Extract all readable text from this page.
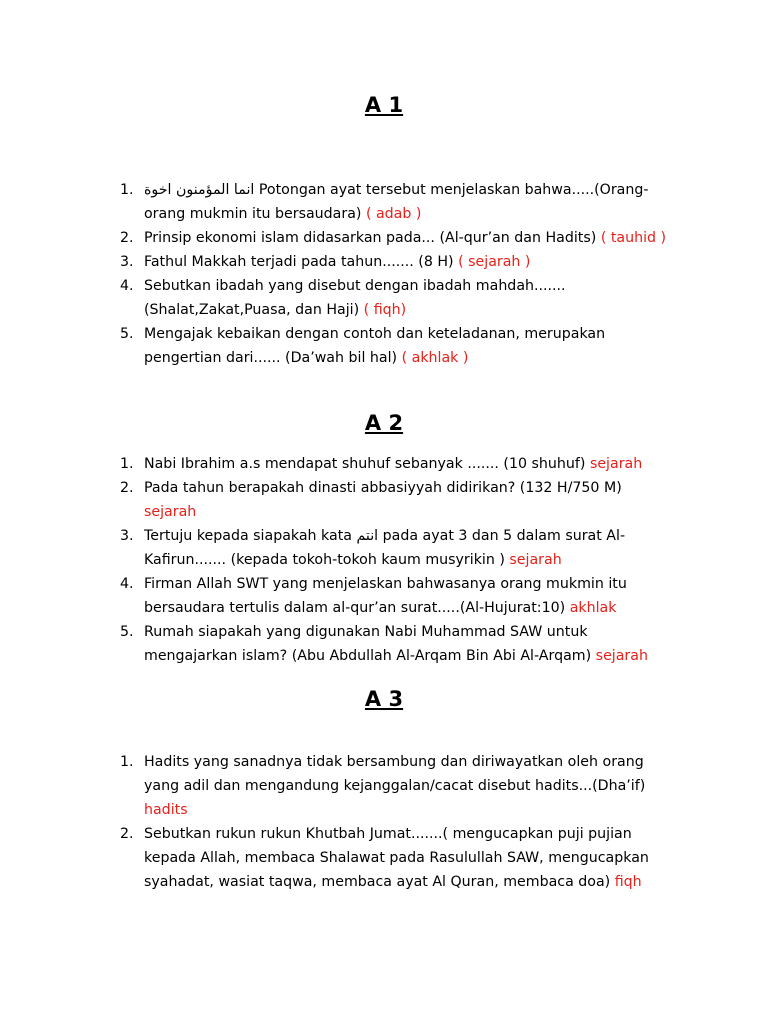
A 1
1. انما المؤمنون اخوة Potongan ayat tersebut menjelaskan bahwa.....(Orang-orang mukmin itu bersaudara) ( adab )
2. Prinsip ekonomi islam didasarkan pada... (Al-qur’an dan Hadits) ( tauhid )
3. Fathul Makkah terjadi pada tahun....... (8 H) ( sejarah )
4. Sebutkan ibadah yang disebut dengan ibadah mahdah....... (Shalat,Zakat,Puasa, dan Haji) ( fiqh)
5. Mengajak kebaikan dengan contoh dan keteladanan, merupakan pengertian dari...... (Da’wah bil hal) ( akhlak )
A 2
1. Nabi Ibrahim a.s mendapat shuhuf sebanyak ....... (10 shuhuf) sejarah
2. Pada tahun berapakah dinasti abbasiyyah didirikan? (132 H/750 M) sejarah
3. Tertuju kepada siapakah kata انتم pada ayat 3 dan 5 dalam surat Al-Kafirun....... (kepada tokoh-tokoh kaum musyrikin ) sejarah
4. Firman Allah SWT yang menjelaskan bahwasanya orang mukmin itu bersaudara tertulis dalam al-qur’an surat.....(Al-Hujurat:10) akhlak
5. Rumah siapakah yang digunakan Nabi Muhammad SAW untuk mengajarkan islam? (Abu Abdullah Al-Arqam Bin Abi Al-Arqam) sejarah
A 3
1. Hadits yang sanadnya tidak bersambung dan diriwayatkan oleh orang yang adil dan mengandung kejanggalan/cacat disebut hadits...(Dha’if) hadits
2. Sebutkan rukun rukun Khutbah Jumat.......( mengucapkan puji pujian kepada Allah, membaca Shalawat pada Rasulullah SAW, mengucapkan syahadat, wasiat taqwa, membaca ayat Al Quran, membaca doa) fiqh
